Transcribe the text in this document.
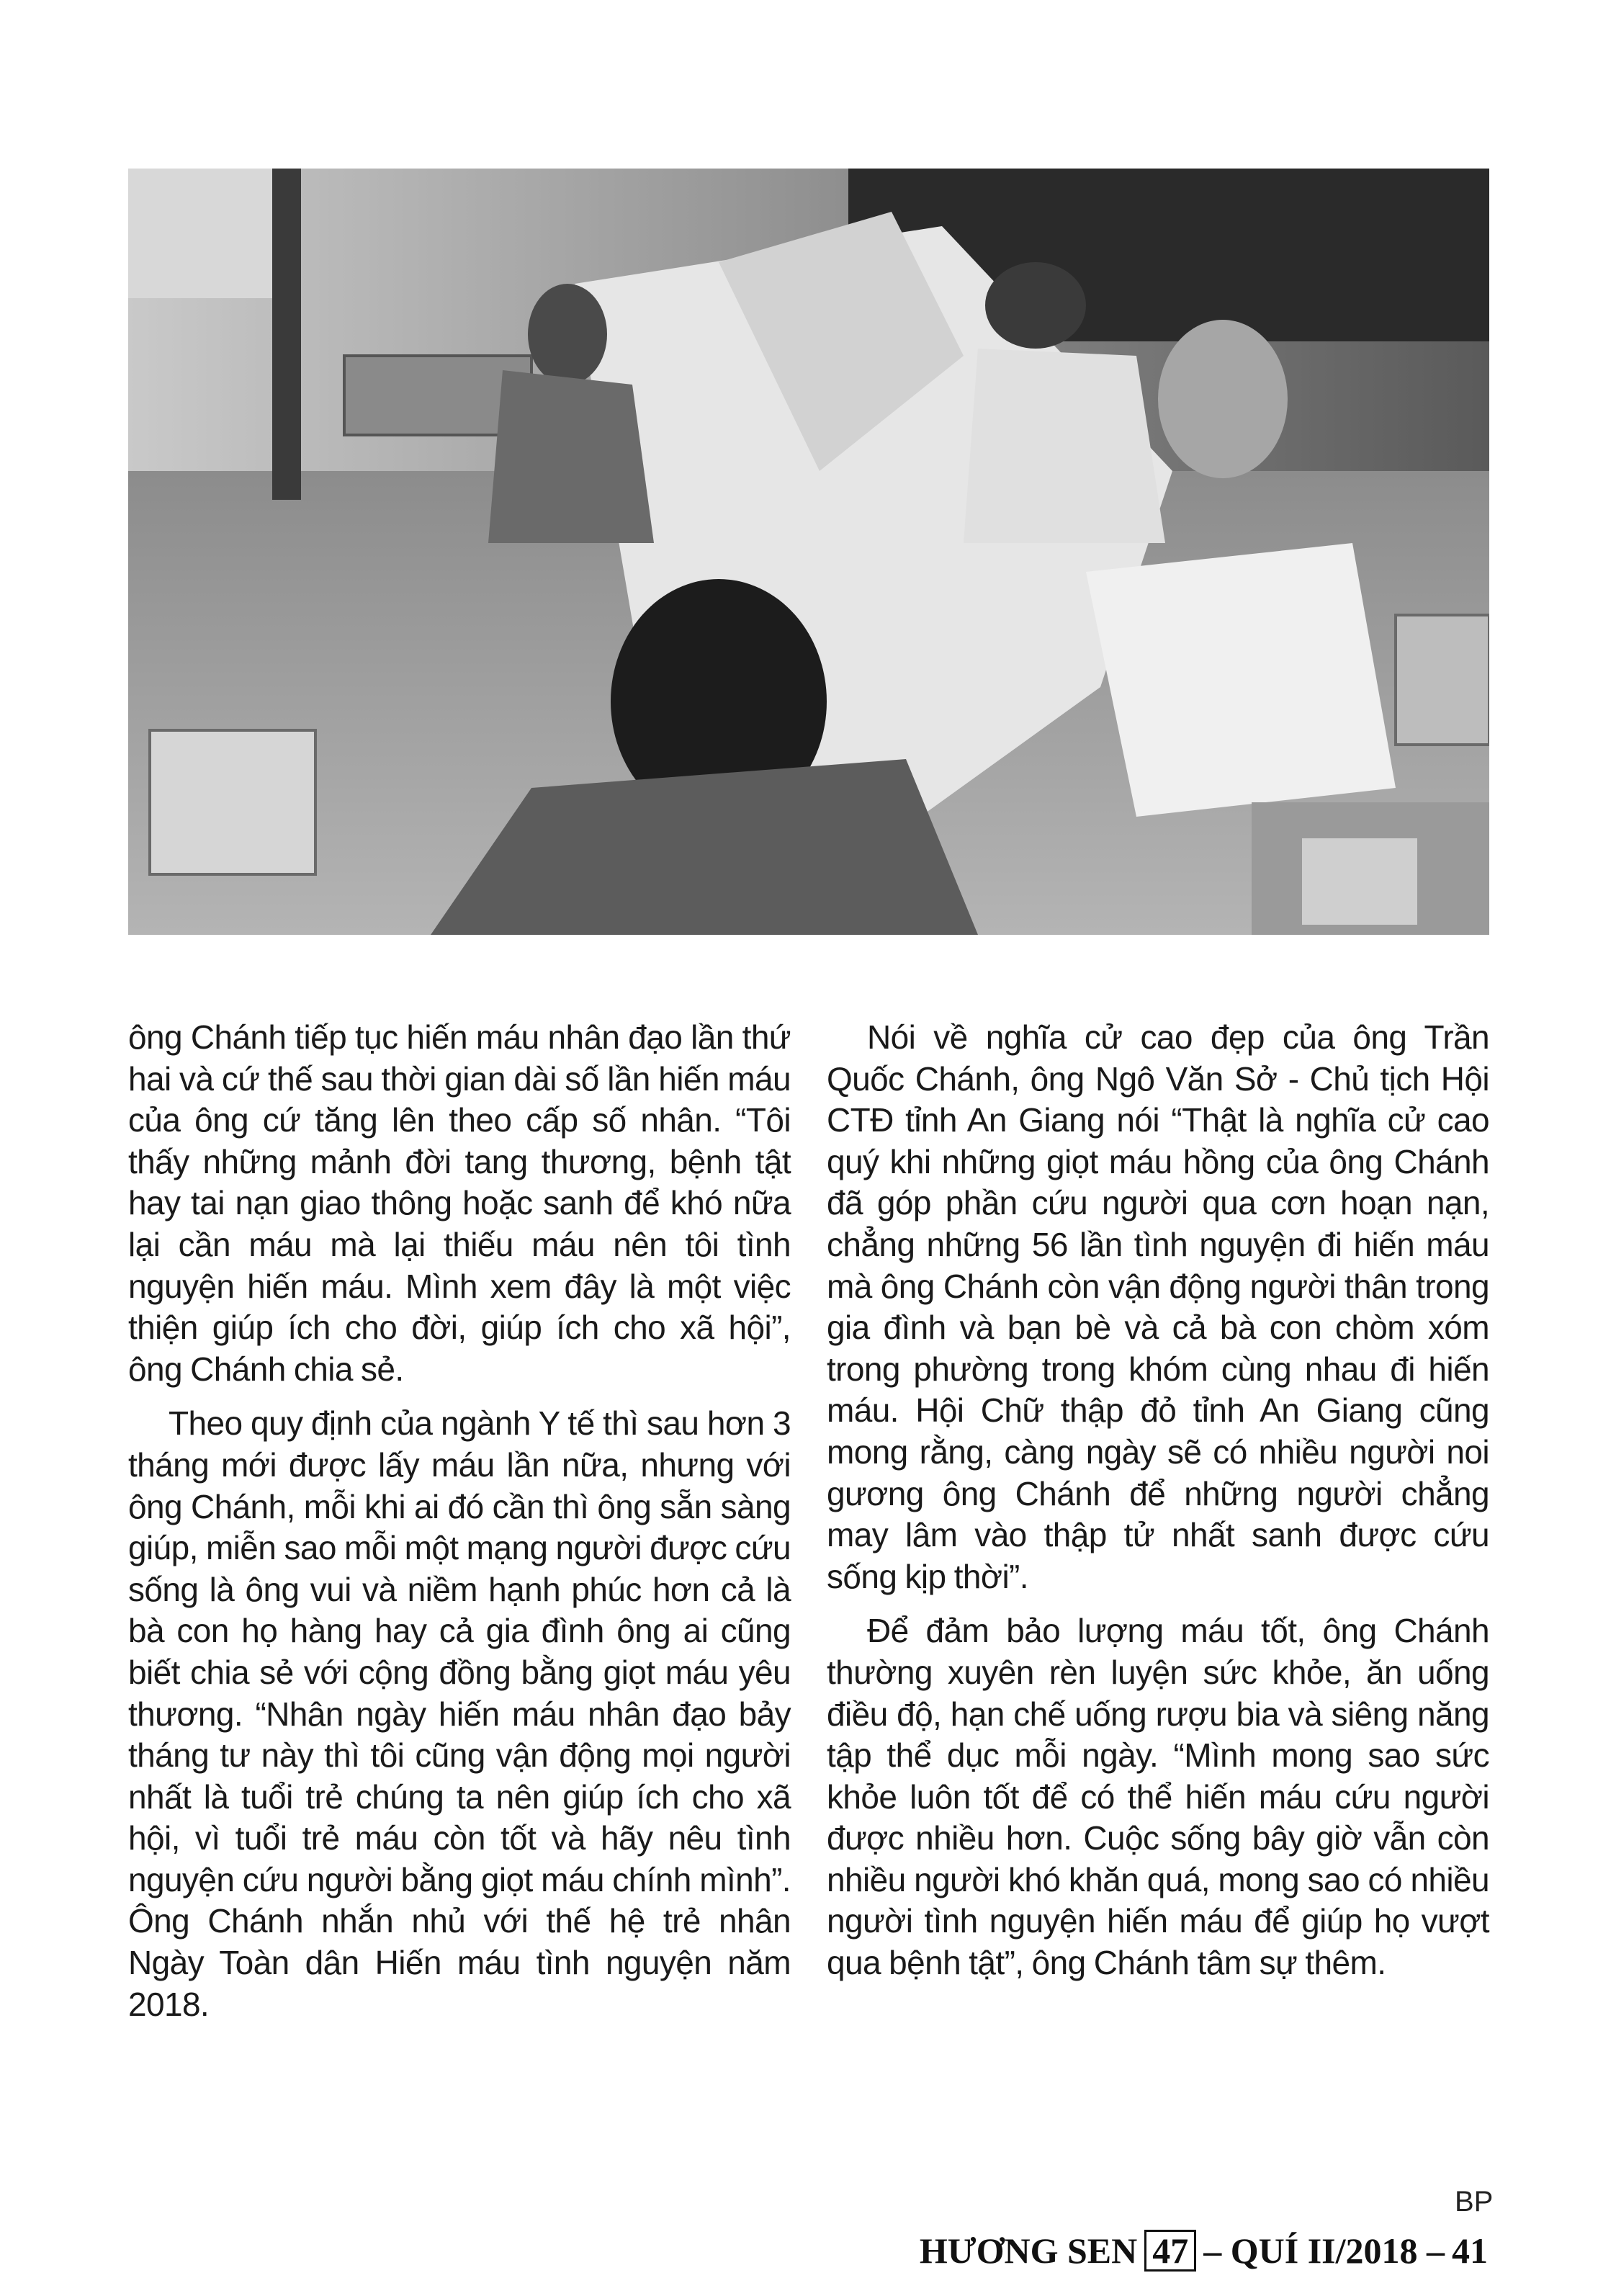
ông Chánh tiếp tục hiến máu nhân đạo lần thứ hai và cứ thế sau thời gian dài số lần hiến máu của ông cứ tăng lên theo cấp số nhân. “Tôi thấy những mảnh đời tang thương, bệnh tật hay tai nạn giao thông hoặc sanh để khó nữa lại cần máu mà lại thiếu máu nên tôi tình nguyện hiến máu. Mình xem đây là một việc thiện giúp ích cho đời, giúp ích cho xã hội”, ông Chánh chia sẻ.

Theo quy định của ngành Y tế thì sau hơn 3 tháng mới được lấy máu lần nữa, nhưng với ông Chánh, mỗi khi ai đó cần thì ông sẵn sàng giúp, miễn sao mỗi một mạng người được cứu sống là ông vui và niềm hạnh phúc hơn cả là bà con họ hàng hay cả gia đình ông ai cũng biết chia sẻ với cộng đồng bằng giọt máu yêu thương. “Nhân ngày hiến máu nhân đạo bảy tháng tư này thì tôi cũng vận động mọi người nhất là tuổi trẻ chúng ta nên giúp ích cho xã hội, vì tuổi trẻ máu còn tốt và hãy nêu tình nguyện cứu người bằng giọt máu chính mình”. Ông Chánh nhắn nhủ với thế hệ trẻ nhân Ngày Toàn dân Hiến máu tình nguyện năm 2018.

Nói về nghĩa cử cao đẹp của ông Trần Quốc Chánh, ông Ngô Văn Sở - Chủ tịch Hội CTĐ tỉnh An Giang nói “Thật là nghĩa cử cao quý khi những giọt máu hồng của ông Chánh đã góp phần cứu người qua cơn hoạn nạn, chẳng những 56 lần tình nguyện đi hiến máu mà ông Chánh còn vận động người thân trong gia đình và bạn bè và cả bà con chòm xóm trong phường trong khóm cùng nhau đi hiến máu. Hội Chữ thập đỏ tỉnh An Giang cũng mong rằng, càng ngày sẽ có nhiều người noi gương ông Chánh để những người chẳng may lâm vào thập tử nhất sanh được cứu sống kịp thời”.

Để đảm bảo lượng máu tốt, ông Chánh thường xuyên rèn luyện sức khỏe, ăn uống điều độ, hạn chế uống rượu bia và siêng năng tập thể dục mỗi ngày. “Mình mong sao sức khỏe luôn tốt để có thể hiến máu cứu người được nhiều hơn. Cuộc sống bây giờ vẫn còn nhiều người khó khăn quá, mong sao có nhiều người tình nguyện hiến máu để giúp họ vượt qua bệnh tật”, ông Chánh tâm sự thêm.

BP
HƯƠNG SEN 47 – QUÍ II/2018 – 41
